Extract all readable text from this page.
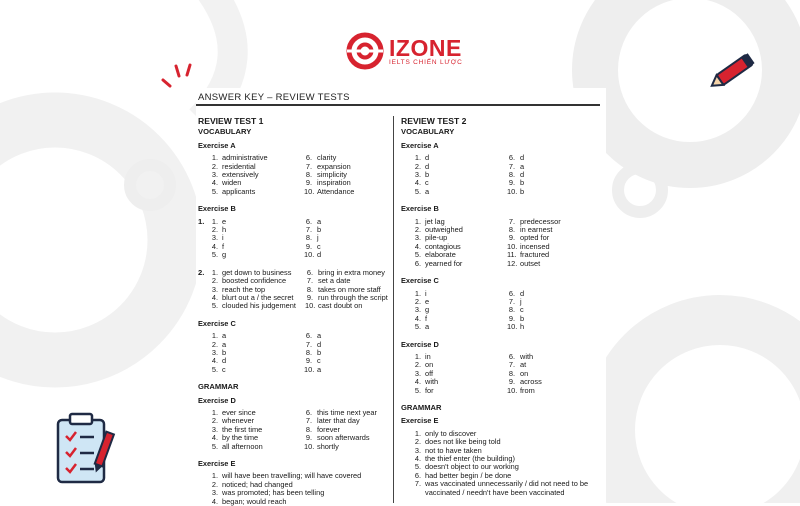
IZONE
IELTS CHIẾN LƯỢC
ANSWER KEY – REVIEW TESTS
REVIEW TEST 1
VOCABULARY
Exercise A
1. administrative	6. clarity
2. residential	7. expansion
3. extensively	8. simplicity
4. widen	9. inspiration
5. applicants	10. Attendance
Exercise B
1. 1. e	6. a
2. h	7. b
3. i	8. j
4. f	9. c
5. g	10. d
2. 1. get down to business	6. bring in extra money
2. boosted confidence	7. set a date
3. reach the top	8. takes on more staff
4. blurt out a / the secret	9. run through the script
5. clouded his judgement	10. cast doubt on
Exercise C
1. a	6. a
2. a	7. d
3. b	8. b
4. d	9. c
5. c	10. a
GRAMMAR
Exercise D
1. ever since	6. this time next year
2. whenever	7. later that day
3. the first time	8. forever
4. by the time	9. soon afterwards
5. all afternoon	10. shortly
Exercise E
1. will have been travelling; will have covered
2. noticed; had changed
3. was promoted; has been telling
4. began; would reach
REVIEW TEST 2
VOCABULARY
Exercise A
1. d	6. d
2. d	7. a
3. b	8. d
4. c	9. b
5. a	10. b
Exercise B
1. jet lag	7. predecessor
2. outweighed	8. in earnest
3. pile-up	9. opted for
4. contagious	10. incensed
5. elaborate	11. fractured
6. yearned for	12. outset
Exercise C
1. i	6. d
2. e	7. j
3. g	8. c
4. f	9. b
5. a	10. h
Exercise D
1. in	6. with
2. on	7. at
3. off	8. on
4. with	9. across
5. for	10. from
GRAMMAR
Exercise E
1. only to discover
2. does not like being told
3. not to have taken
4. the thief enter (the building)
5. doesn't object to our working
6. had better begin / be done
7. was vaccinated unnecessarily / did not need to be vaccinated / needn't have been vaccinated
